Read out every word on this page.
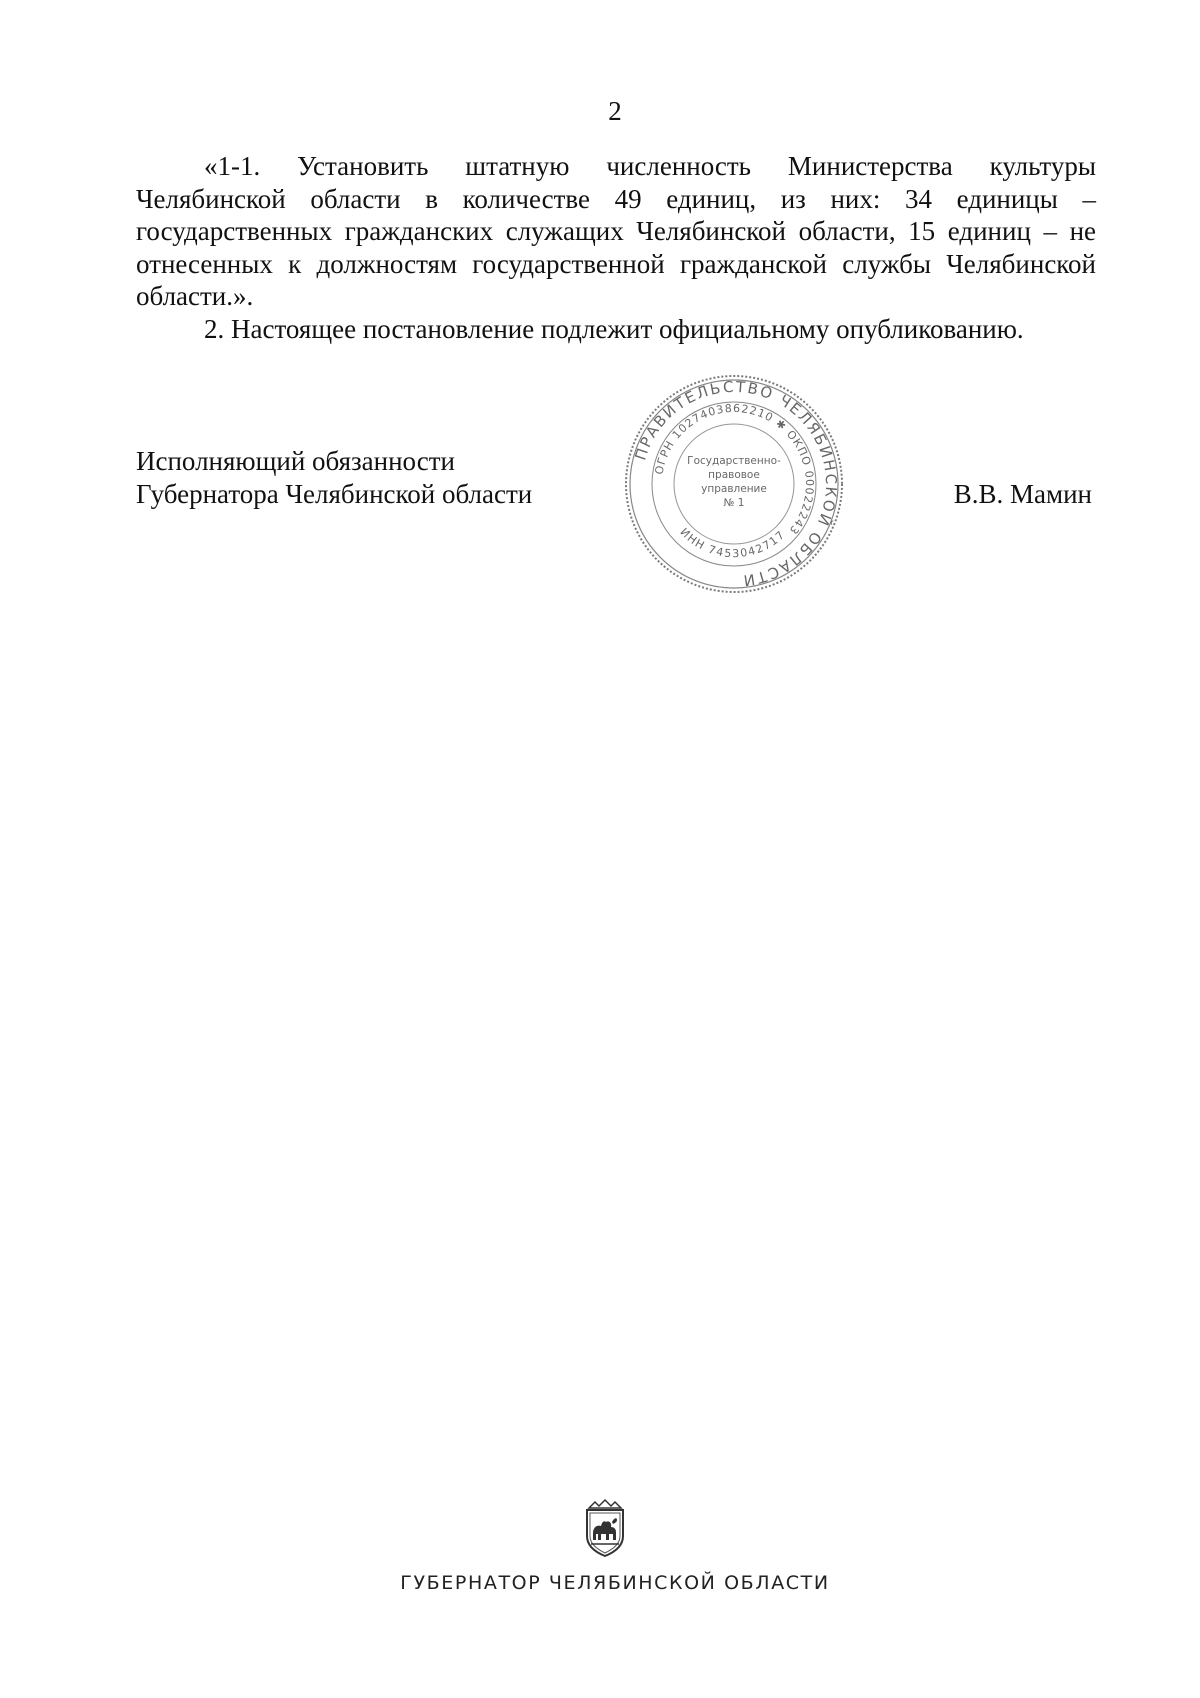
2

«1-1. Установить штатную численность Министерства культуры Челябинской области в количестве 49 единиц, из них: 34 единицы – государственных гражданских служащих Челябинской области, 15 единиц – не отнесенных к должностям государственной гражданской службы Челябинской области.».

2. Настоящее постановление подлежит официальному опубликованию.

Исполняющий обязанности
Губернатора Челябинской области	В.В. Мамин
ПРАВИТЕЛЬСТВО ЧЕЛЯБИНСКОЙ ОБЛАСТИ
ОГРН 1027403862210 ✱ ОКПО 00022243
ИНН 7453042717
Государственно-
правовое
управление
№ 1
ГУБЕРНАТОР ЧЕЛЯБИНСКОЙ ОБЛАСТИ
